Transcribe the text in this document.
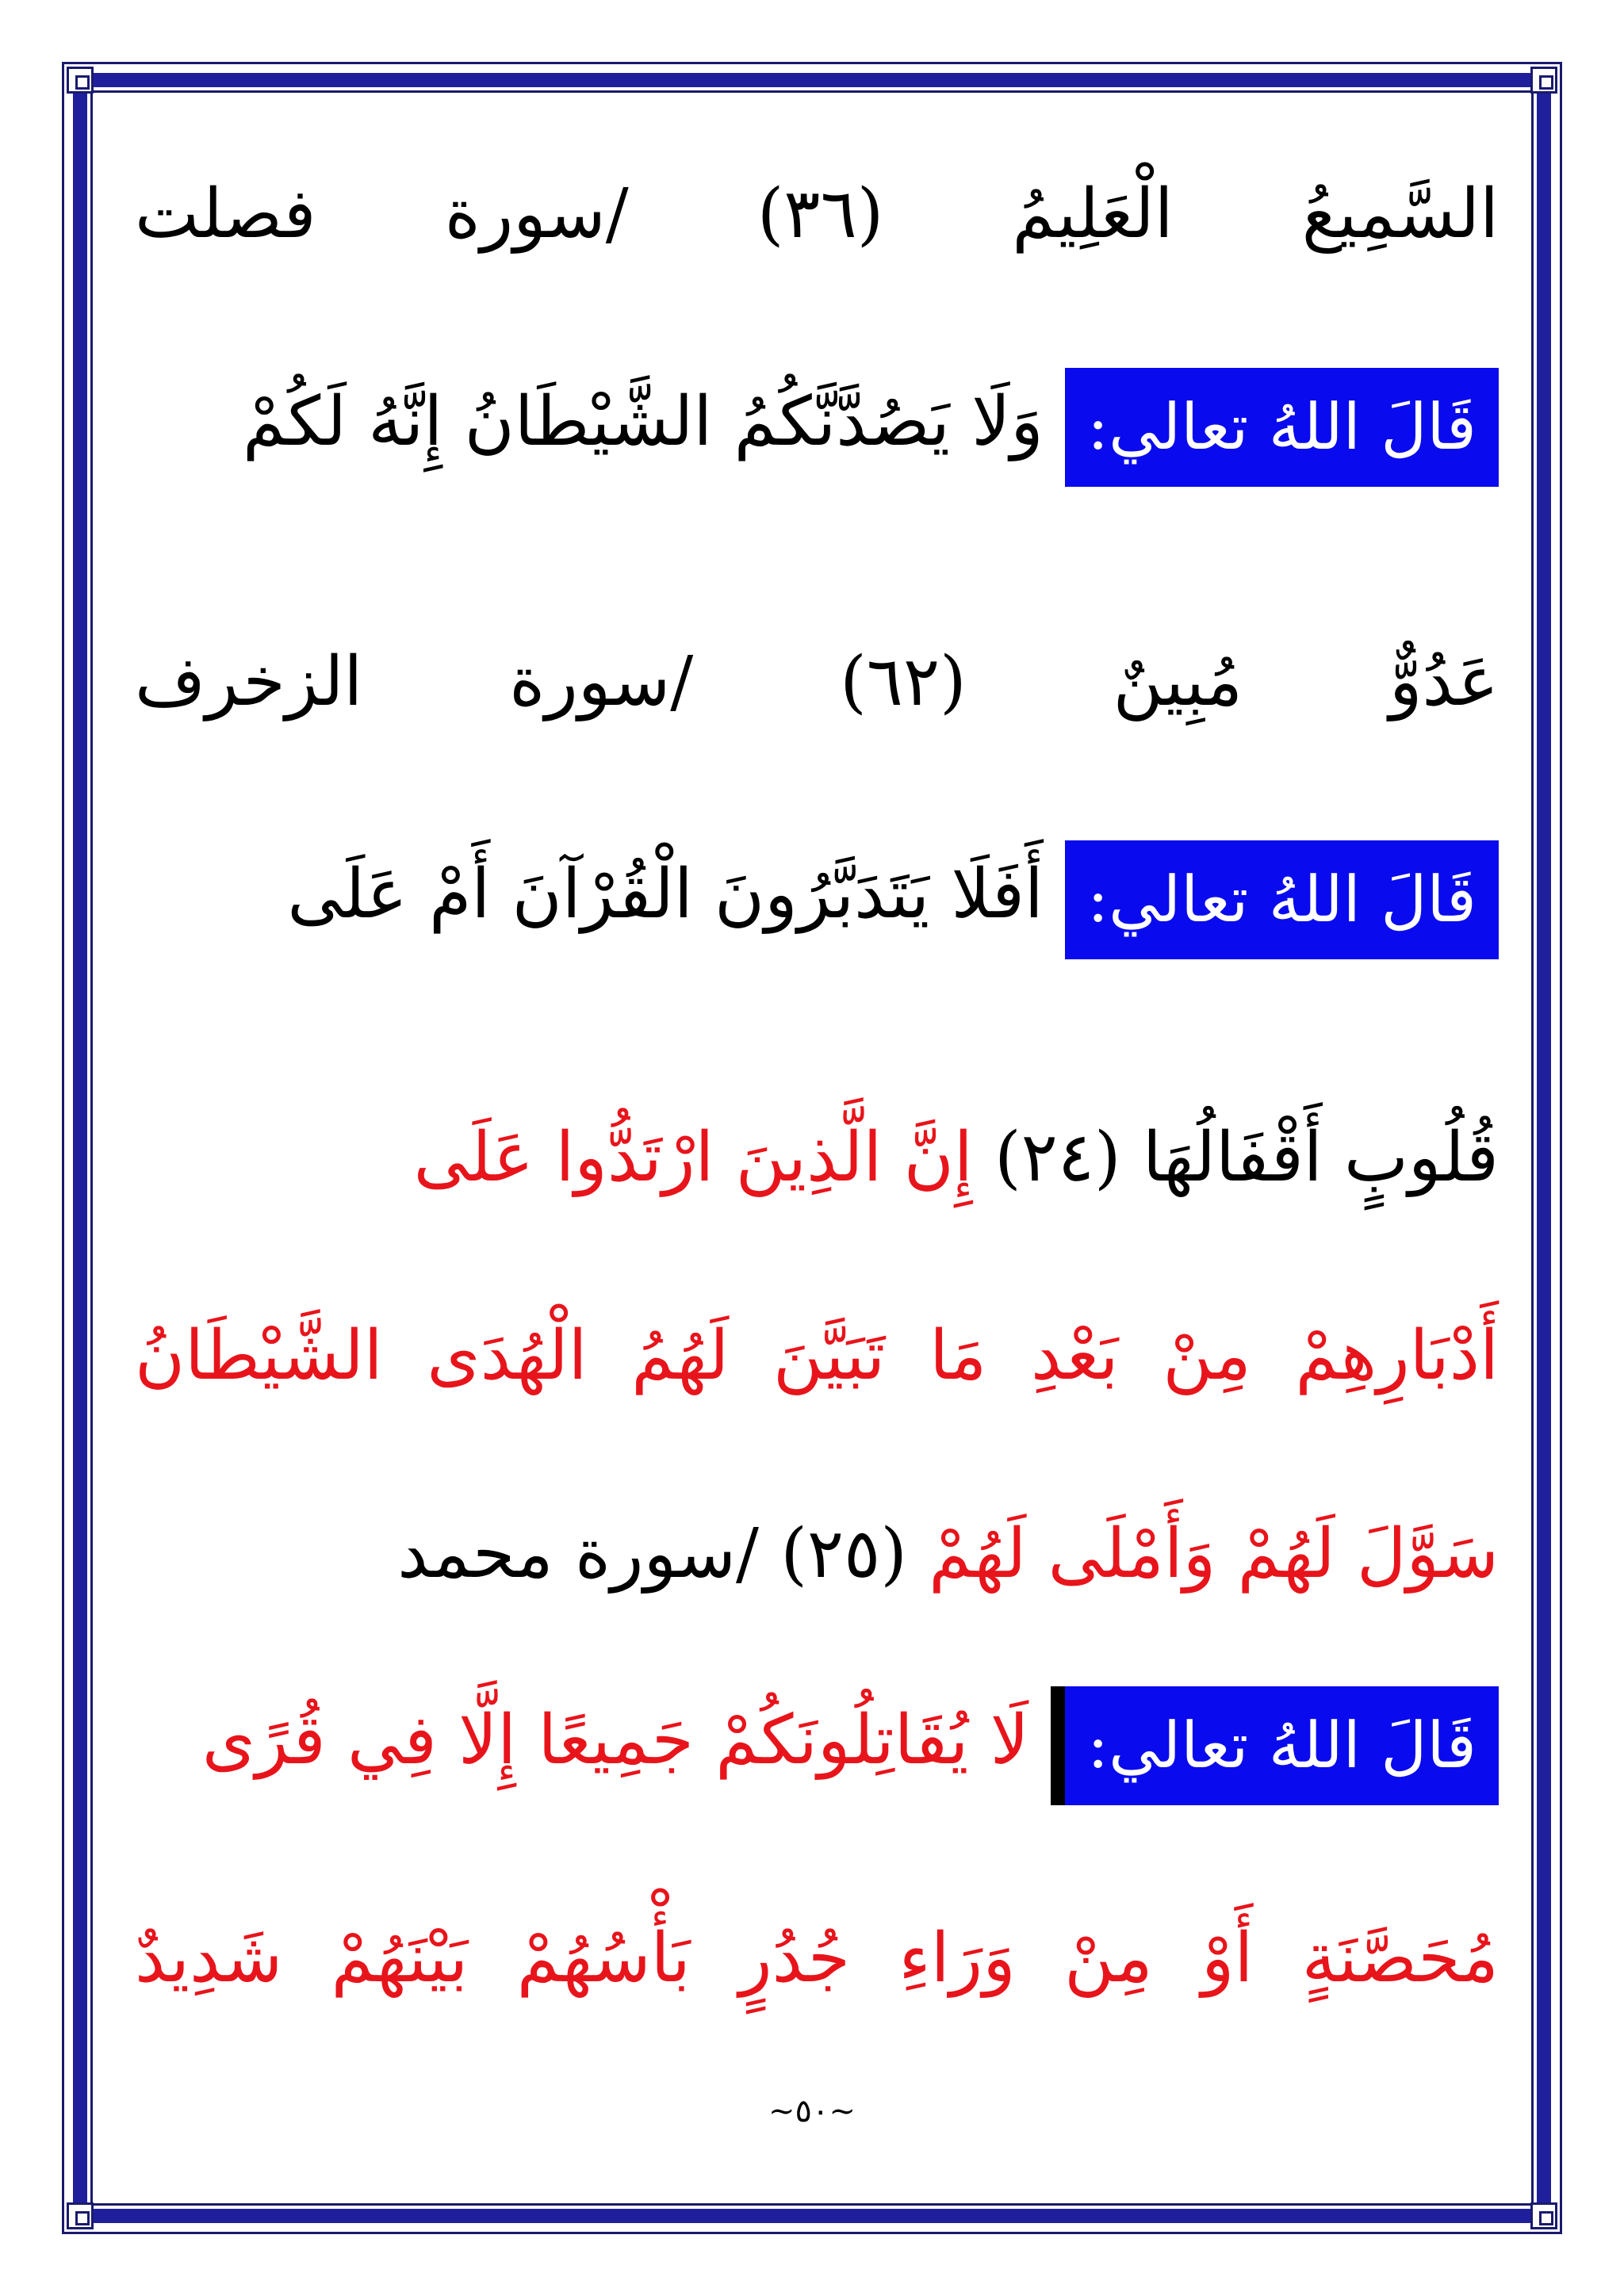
السَّمِيعُ الْعَلِيمُ (٣٦) /سورة فصلت
قَالَ اللهُ تعالي: وَلَا يَصُدَّنَّكُمُ الشَّيْطَانُ إِنَّهُ لَكُمْ
عَدُوٌّ مُبِينٌ (٦٢) /سورة الزخرف
قَالَ اللهُ تعالي: أَفَلَا يَتَدَبَّرُونَ الْقُرْآنَ أَمْ عَلَى
قُلُوبٍ أَقْفَالُهَا (٢٤) إِنَّ الَّذِينَ ارْتَدُّوا عَلَى
أَدْبَارِهِمْ مِنْ بَعْدِ مَا تَبَيَّنَ لَهُمُ الْهُدَى الشَّيْطَانُ
سَوَّلَ لَهُمْ وَأَمْلَى لَهُمْ (٢٥) /سورة محمد
قَالَ اللهُ تعالي: لَا يُقَاتِلُونَكُمْ جَمِيعًا إِلَّا فِي قُرًى
مُحَصَّنَةٍ أَوْ مِنْ وَرَاءِ جُدُرٍ بَأْسُهُمْ بَيْنَهُمْ شَدِيدٌ
~٥٠~
